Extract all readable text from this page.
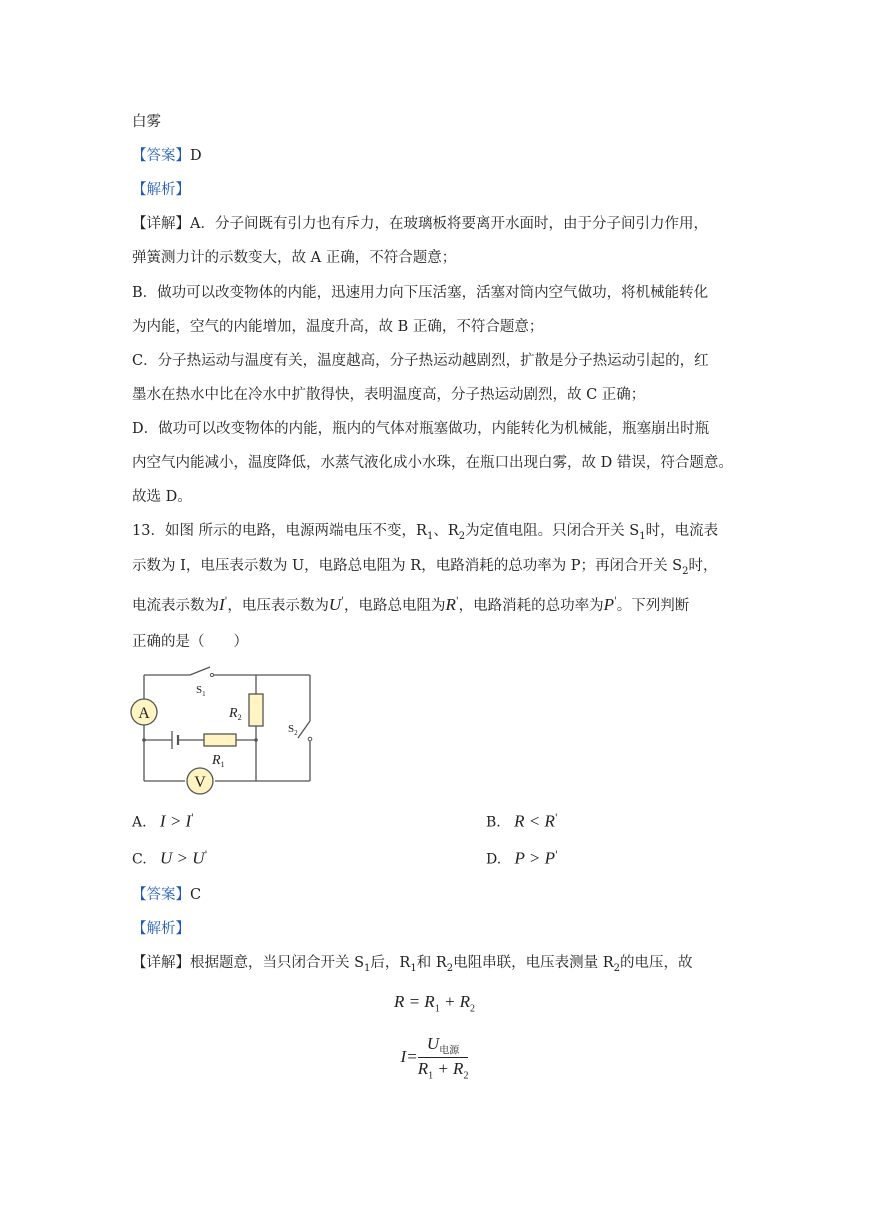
白雾
【答案】D
【解析】
【详解】A．分子间既有引力也有斥力，在玻璃板将要离开水面时，由于分子间引力作用，
弹簧测力计的示数变大，故 A 正确，不符合题意；
B．做功可以改变物体的内能，迅速用力向下压活塞，活塞对筒内空气做功，将机械能转化
为内能，空气的内能增加，温度升高，故 B 正确，不符合题意；
C．分子热运动与温度有关，温度越高，分子热运动越剧烈，扩散是分子热运动引起的，红
墨水在热水中比在冷水中扩散得快，表明温度高，分子热运动剧烈，故 C 正确；
D．做功可以改变物体的内能，瓶内的气体对瓶塞做功，内能转化为机械能，瓶塞崩出时瓶
内空气内能减小，温度降低，水蒸气液化成小水珠，在瓶口出现白雾，故 D 错误，符合题意。
故选 D。
13．如图 所示的电路，电源两端电压不变，$R_1$、$R_2$为定值电阻。只闭合开关 $S_1$时，电流表
示数为 I，电压表示数为 U，电路总电阻为 R，电路消耗的总功率为 P；再闭合开关 $S_2$时，
电流表示数为I'，电压表示数为U'，电路总电阻为R'，电路消耗的总功率为P'。下列判断
正确的是（　　）
A
V
$S_1$
$R_2$
$S_2$
$R_1$
A. I > I'	B. R < R'
C. U > U'	D. P > P'
【答案】C
【解析】
【详解】根据题意，当只闭合开关 $S_1$后，$R_1$和 $R_2$电阻串联，电压表测量 $R_2$的电压，故
$R = R_1 + R_2$
$I= \frac{U_{电源}}{R_1 + R_2}$
